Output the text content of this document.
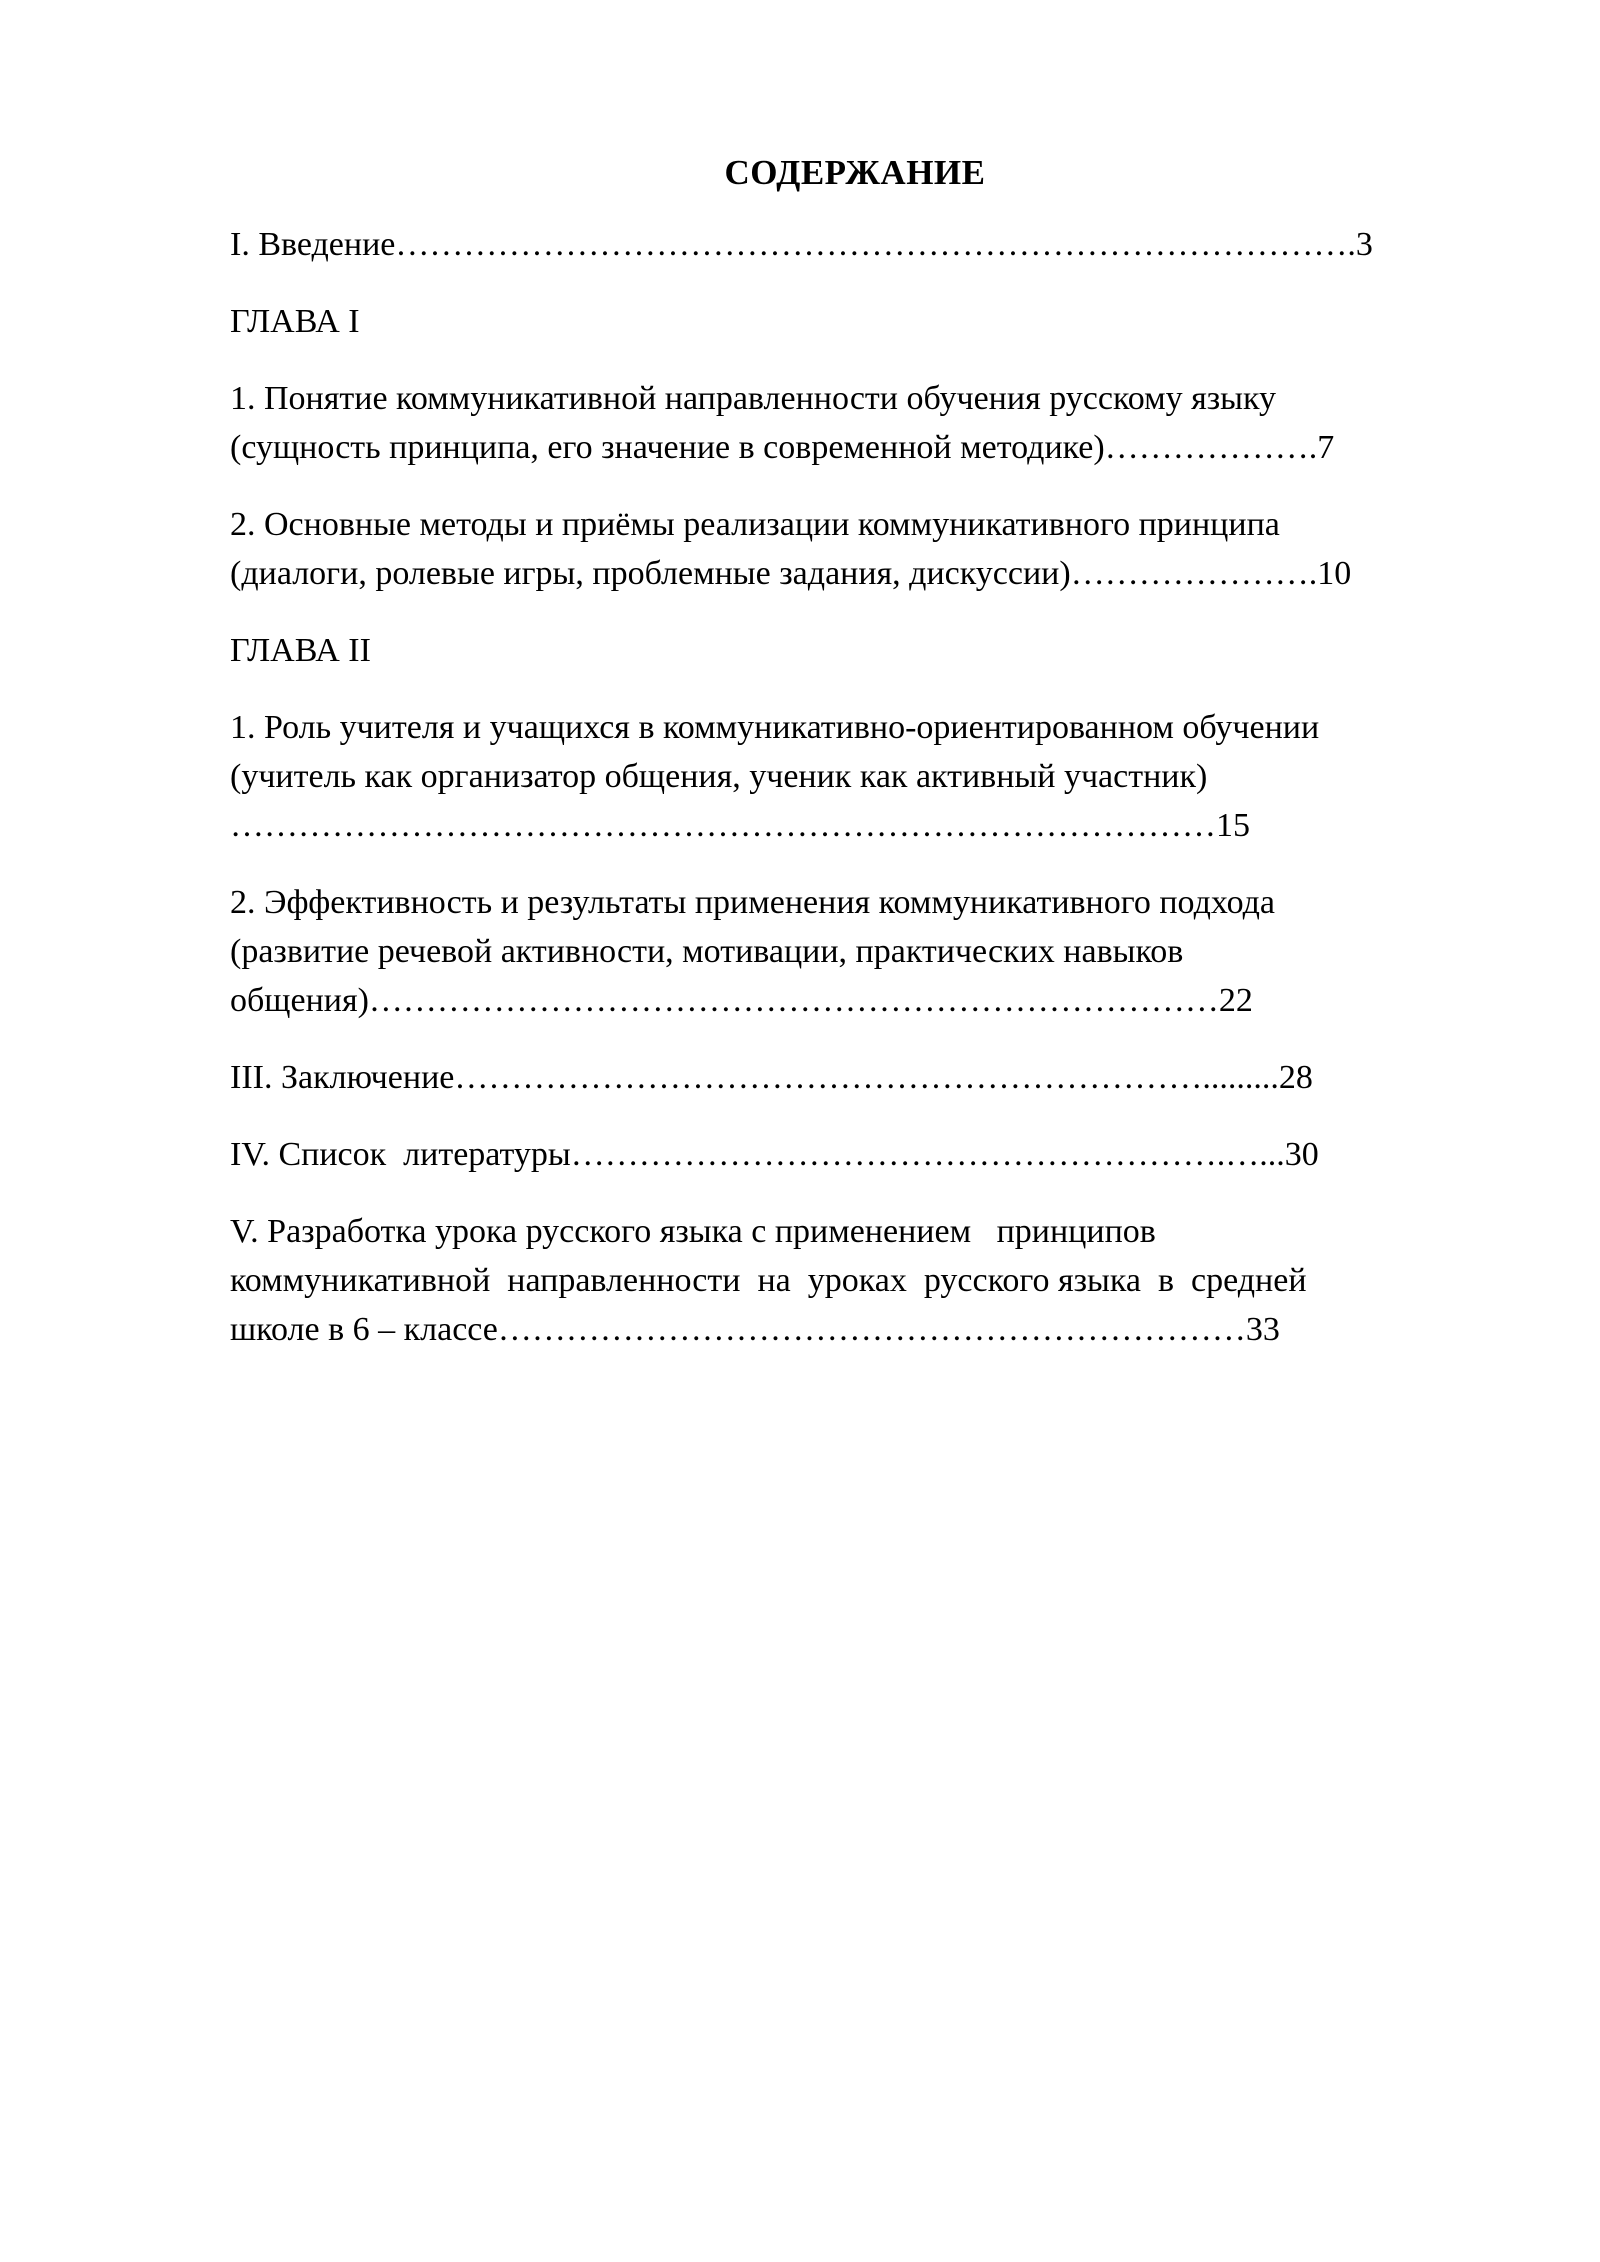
СОДЕРЖАНИЕ
I. Введение………………………………………………………………………….3
ГЛАВА I
1. Понятие коммуникативной направленности обучения русскому языку
(сущность принципа, его значение в современной методике)……………….7
2. Основные методы и приёмы реализации коммуникативного принципа
(диалоги, ролевые игры, проблемные задания, дискуссии)………………….10
ГЛАВА II
1. Роль учителя и учащихся в коммуникативно-ориентированном обучении
(учитель как организатор общения, ученик как активный участник)
……………………………………………………………………………15
2. Эффективность и результаты применения коммуникативного подхода
(развитие речевой активности, мотивации, практических навыков
общения)…………………………………………………………………22
III. Заключение………………………………………………………….........28
IV. Список  литературы………………………………………………….…...30
V. Разработка урока русского языка с применением   принципов
коммуникативной  направленности  на  уроках  русского языка  в  средней
школе в 6 – классе…………………………………………………………33
